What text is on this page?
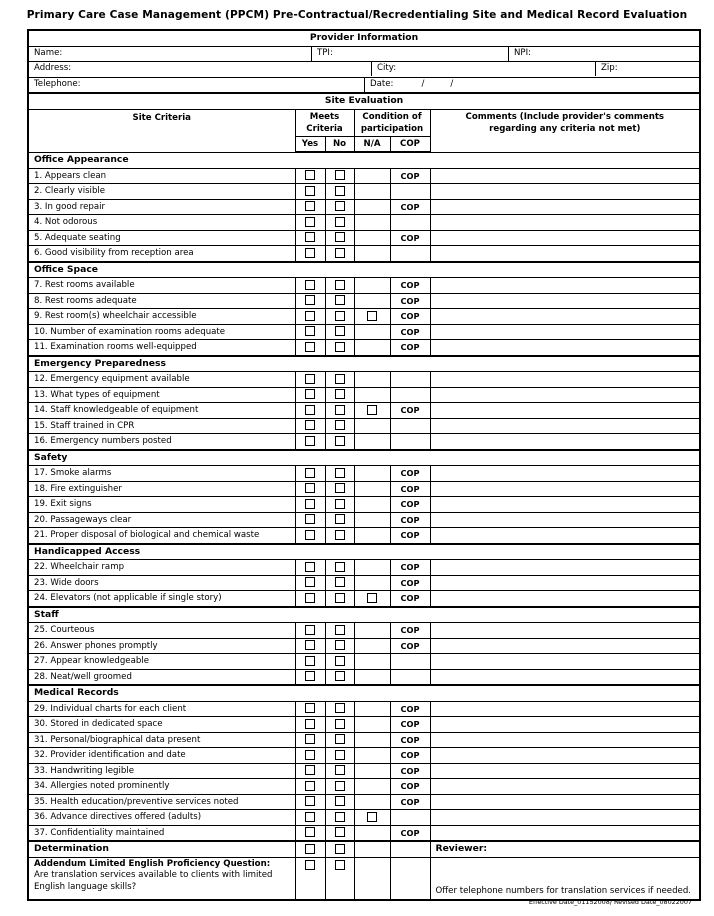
Primary Care Case Management (PPCM) Pre-Contractual/Recredentialing Site and Medical Record Evaluation
Provider Information					

Name: TPI: NPI:					

Address: City: Zip:					

Telephone: Date: / /					

Site Evaluation					
Site Criteria	Meets Criteria		Condition of participation		Comments (Include provider's comments regarding any criteria not met)
	Yes	No	N/A	COP	
Office Appearance					
1. Appears clean				COP	
2. Clearly visible					
3. In good repair				COP	
4. Not odorous					
5. Adequate seating				COP	
6. Good visibility from reception area					
Office Space					
7. Rest rooms available				COP	
8. Rest rooms adequate				COP	
9. Rest room(s) wheelchair accessible				COP	
10. Number of examination rooms adequate				COP	
11. Examination rooms well-equipped				COP	
Emergency Preparedness					
12. Emergency equipment available					
13. What types of equipment					
14. Staff knowledgeable of equipment				COP	
15. Staff trained in CPR					
16. Emergency numbers posted					
Safety					
17. Smoke alarms				COP	
18. Fire extinguisher				COP	
19. Exit signs				COP	
20. Passageways clear				COP	
21. Proper disposal of biological and chemical waste				COP	
Handicapped Access					
22. Wheelchair ramp				COP	
23. Wide doors				COP	
24. Elevators (not applicable if single story)				COP	
Staff					
25. Courteous				COP	
26. Answer phones promptly				COP	
27. Appear knowledgeable					
28. Neat/well groomed					
Medical Records					
29. Individual charts for each client				COP	
30. Stored in dedicated space				COP	
31. Personal/biographical data present				COP	
32. Provider identification and date				COP	
33. Handwriting legible				COP	
34. Allergies noted prominently				COP	
35. Health education/preventive services noted				COP	
36. Advance directives offered (adults)					
37. Confidentiality maintained				COP	
Determination					Reviewer:

Addendum Limited English Proficiency Question:
Are translation services available to clients with limited English language skills?					Offer telephone numbers for translation services if needed.
Effective Date_01152008/ Revised Date_08022007
